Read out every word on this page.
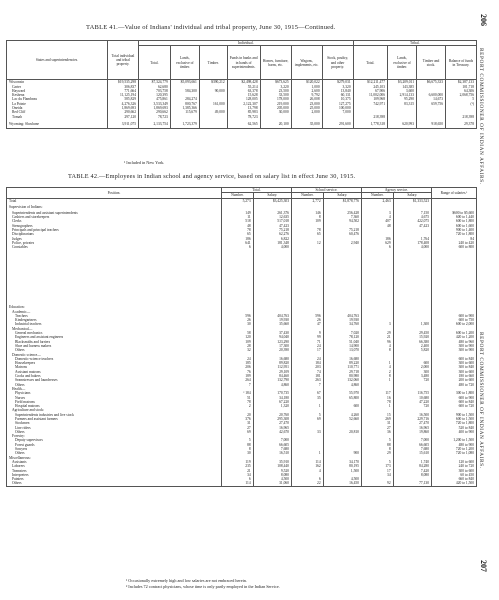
206
REPORT COMMISSIONER OF INDIAN AFFAIRS.
REPORT COMMISSIONER OF INDIAN AFFAIRS.
207
TABLE 41.—Value of Indians' individual and tribal property, June 30, 1915—Continued.
States and superintendencies.	Total individual and tribal property.	Individual.							Tribal.			
		Total.	Lands, exclusive of timber.	Timber.	Funds in banks and in hands of superintendents.	Homes, furniture, barns, etc.	Wagons, implements, etc.	Stock, poultry, and other property.	Total.	Lands, exclusive of timber.	Timber and stock.	Balance of funds in Treasury.
Wisconsin	$19,535,298	$7,324,779	$5,093,661	$390,212	$2,498,428	$673,625	$120,022	$279,031	$12,211,477	$3,209,011	$6,675,333	$2,387,133
Carter	306,837	62,680			55,214	3,220	1,000	3,320	245,103	143,385		101,718
Hayward	771,664	703,758	584,300	90,000	63,378	23,500	2,600	13,840	67,906	3,600		64,306
Keshena	11,125,194	120,395			15,628	33,500	9,792	60,131	11,002,006	2,914,133	6,600,000	2,068,756
Lac du Flambeau	585,829	475,861	284,274		128,005	178,000	26,008	10,375	109,968	95,290	14,673	5
La Pointe	4,276,326	3,533,349	800,767	161,000	2,122,307	219,000	23,000	127,275	742,971	83,315	659,756	(¹)
Oneida	1,869,693	1,869,693	1,385,366		13,798	205,000	25,000	100,000				
Red Cliff	290,662	290,662	115,679	49,000	85,983	30,000	2,000	7,000				
Tomah	297,120	78,723			78,723				218,398			218,398
Wyoming: Shoshone	3,911,075	2,133,754	1,723,379		62,565	20,100	35,000	291,600	1,778,318	620,993	918,650	29,378
¹ Included in New York.
TABLE 42.—Employees in Indian school and agency service, based on salary list in effect June 30, 1915.
Position.	Total.		School service.		Agency service.		Range of salaries.¹
	Number.	Salary.	Number.	Salary.	Number.	Salary.	
Total	5,273	$3,425,303	2,772	$1,878,776	2,463	$1,333,523	
Supervision of Indians:							
Superintendents and assistant superintendents	149	261,376	146	256,428	3	7,150	$600 to $5,600
Cashiers and storekeepers	11	12,635	8	7,360	4	4,675	600 to 1,440
Clerks	518	517,018	109	94,502	407	422,075	600 to 1,800
Stenographers	48	47,423			48	47,423	600 to 1,600
Principals and principal teachers	78	75,218	78	75,218			900 to 1,400
Disciplinarians	65	62,276	65	60,476			720 to 1,800
Judges	186	6,822			186	1,764	84
Police, privates	641	181,348	12	2,940	629	178,408	240 to 420
Constables	6	4,000			6	4,000	600 to 800
Education:							
Academic—							
Teachers	596	404,763	596	404,763			600 to 900
Kindergartners	26	19,930	26	19,930			600 to 750
Industrial teachers	30	35,660	47	34,760	3	1,300	600 to 2,000
Mechanical—							
General mechanics	58	37,430	9	7,020	29	29,450	600 to 1,200
Engineers and assistant engineers	120	94,040	99	78,120	21	15,920	420 to 1,200
Blacksmiths and farriers	109	123,290	71	51,040	96	66,380	480 to 960
Shoe and harness makers	28	17,300	24	14,900	4	2,400	300 to 900
Others	32	20,390	17	13,070	8	5,820	300 to 900
Domestic science—							
Domestic-science teachers	24	16,680	24	16,680			600 to 840
Housekeepers	185	89,820	184	89,220	1	600	300 to 600
Matrons	206	112,951	203	110,771	4	2,000	300 to 840
Assistant matrons	76	29,109	74	29,718	2	300	300 to 600
Cooks and bakers	189	84,460	181	80,980	8	3,480	180 to 660
Seamstresses and laundresses	264	132,790	263	132,060	1	720	200 to 600
Others	7	4,860	7	4,860			480 to 720
Health—							
Physicians	² 184	170,735	67	55,970	117	116,755	300 to 1,800
Nurses	51	34,180	35	65,800	16	10,680	600 to 900
Field matrons	78	67,220			78	47,220	600 to 840
Hospital matrons	2	1,320	1	600	1	720	600 to 720
Agriculture and stock:							
Superintendents industries and live stock	20	20,760	5	4,260	15	16,500	900 to 1,500
Farmers and assistant farmers	376	295,308	69	52,660	269	229,716	600 to 1,500
Stockmen	31	27,470			31	27,470	720 to 1,800
Line riders	27	16,965			27	16,965	520 to 840
Others	69	42,670	33	20,810	36	19,860	400 to 900
Forestry:							
Deputy supervisors	5	7,000			5	7,000	1,200 to 1,500
Forest guards	88	66,605			88	66,605	480 to 900
Sawyers	8	7,680			8	7,680	720 to 1,200
Others	30	16,510	1	900	29	15,610	720 to 1,080
Miscellaneous:							
Assistants	119	35,910	114	34,170	5	1,740	120 to 600
Laborers	235	108,440	162	80,195	173	84,280	240 to 720
Teamsters	21	9,520	4	1,500	17	7,420	300 to 600
Interpreters	34	8,080			34	8,080	60 to 450
Painters	6	4,500	6	4,500			660 to 840
Others	114	31,060	22	16,450	92	77,130	420 to 1,500
¹ Occasionally extremely high and low salaries are not embraced herein.
² Includes 72 contract physicians, whose time is only partly employed in the Indian Service.
